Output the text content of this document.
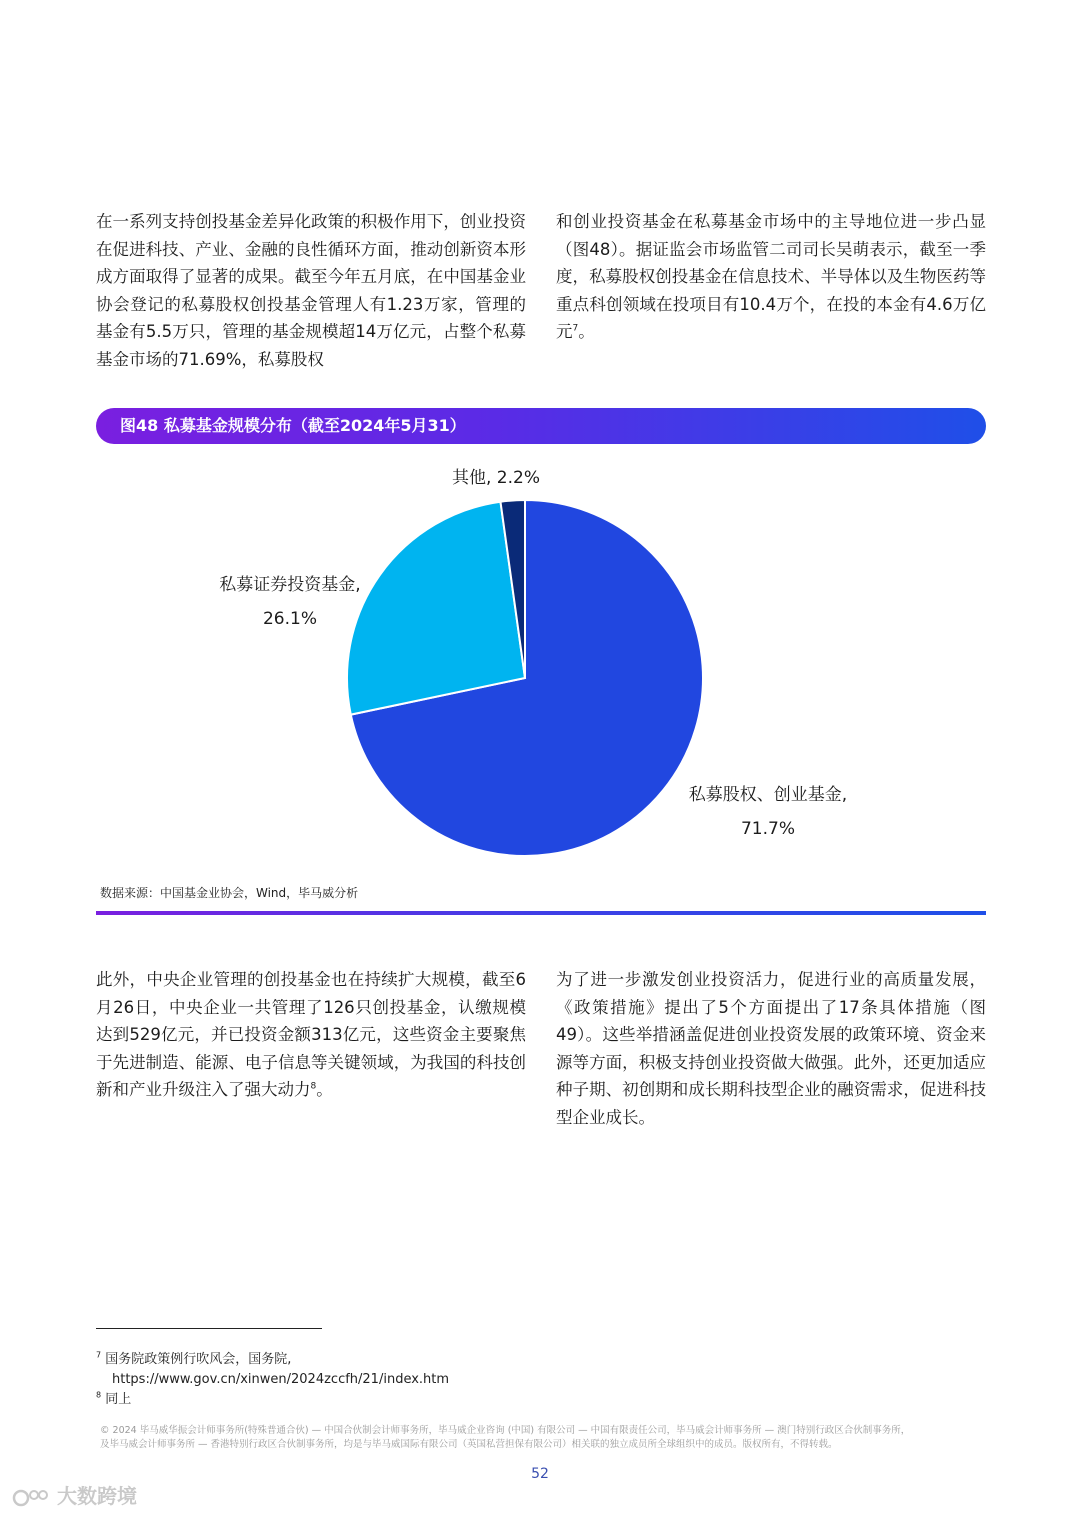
在一系列支持创投基金差异化政策的积极作用下，创业投资在促进科技、产业、金融的良性循环方面，推动创新资本形成方面取得了显著的成果。截至今年五月底，在中国基金业协会登记的私募股权创投基金管理人有1.23万家，管理的基金有5.5万只，管理的基金规模超14万亿元，占整个私募基金市场的71.69%，私募股权
和创业投资基金在私募基金市场中的主导地位进一步凸显（图48）。据证监会市场监管二司司长吴萌表示，截至一季度，私募股权创投基金在信息技术、半导体以及生物医药等重点科创领域在投项目有10.4万个，在投的本金有4.6万亿元$^7$。
图48 私募基金规模分布（截至2024年5月31）
私募股权、创业基金,
71.7%
私募证券投资基金,
26.1%
其他, 2.2%
数据来源：中国基金业协会，Wind，毕马威分析
此外，中央企业管理的创投基金也在持续扩大规模，截至6月26日，中央企业一共管理了126只创投基金，认缴规模达到529亿元，并已投资金额313亿元，这些资金主要聚焦于先进制造、能源、电子信息等关键领域，为我国的科技创新和产业升级注入了强大动力$^8$。
为了进一步激发创业投资活力，促进行业的高质量发展，《政策措施》提出了5个方面提出了17条具体措施（图49）。这些举措涵盖促进创业投资发展的政策环境、资金来源等方面，积极支持创业投资做大做强。此外，还更加适应种子期、初创期和成长期科技型企业的融资需求，促进科技型企业成长。
$^7$ 国务院政策例行吹风会，国务院,
https://www.gov.cn/xinwen/2024zccfh/21/index.htm
$^8$ 同上
© 2024 毕马威华振会计师事务所(特殊普通合伙) — 中国合伙制会计师事务所，毕马威企业咨询 (中国) 有限公司 — 中国有限责任公司，毕马威会计师事务所 — 澳门特别行政区合伙制事务所，
及毕马威会计师事务所 — 香港特别行政区合伙制事务所，均是与毕马威国际有限公司（英国私营担保有限公司）相关联的独立成员所全球组织中的成员。版权所有，不得转载。
52
大数跨境
